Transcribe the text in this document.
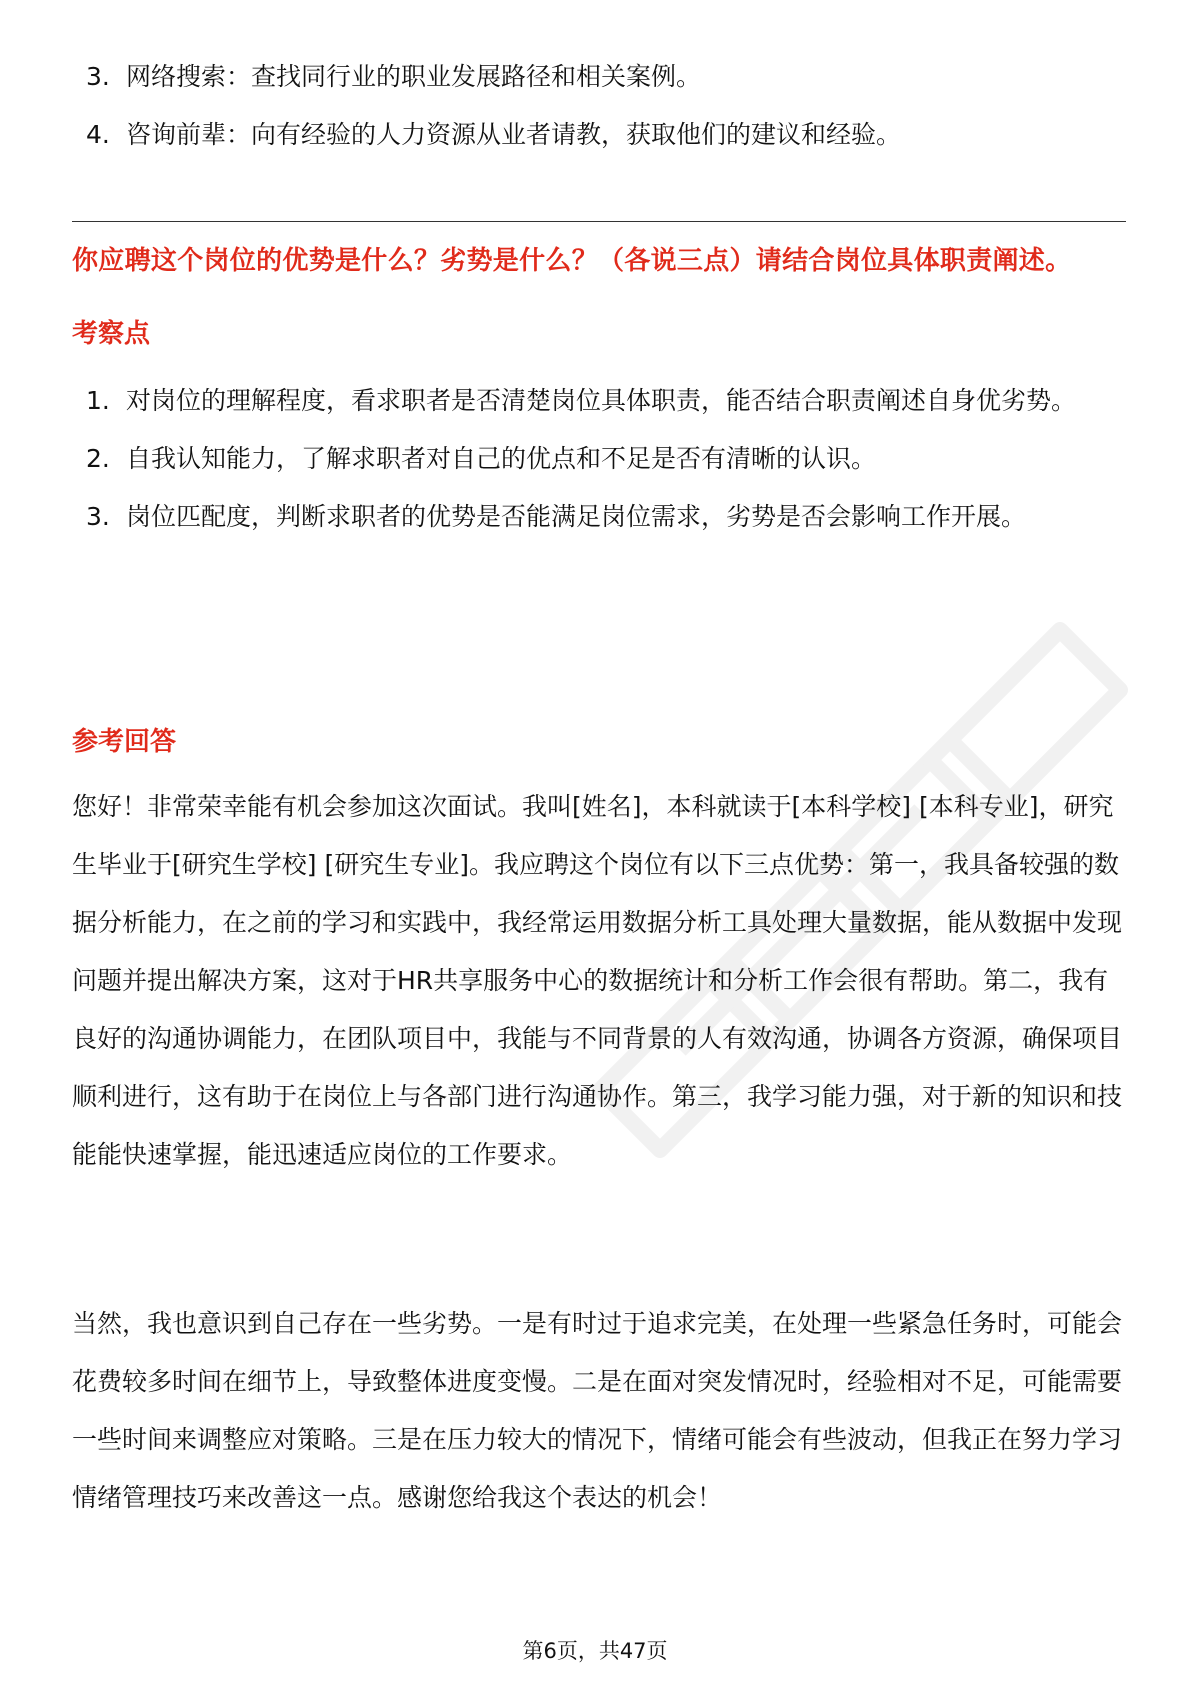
3. 网络搜索：查找同行业的职业发展路径和相关案例。
4. 咨询前辈：向有经验的人力资源从业者请教，获取他们的建议和经验。
你应聘这个岗位的优势是什么？劣势是什么？（各说三点）请结合岗位具体职责阐述。
考察点
1. 对岗位的理解程度，看求职者是否清楚岗位具体职责，能否结合职责阐述自身优劣势。
2. 自我认知能力，了解求职者对自己的优点和不足是否有清晰的认识。
3. 岗位匹配度，判断求职者的优势是否能满足岗位需求，劣势是否会影响工作开展。
参考回答

您好！非常荣幸能有机会参加这次面试。我叫[姓名]，本科就读于[本科学校] [本科专业]，研究生毕业于[研究生学校] [研究生专业]。我应聘这个岗位有以下三点优势：第一，我具备较强的数据分析能力，在之前的学习和实践中，我经常运用数据分析工具处理大量数据，能从数据中发现问题并提出解决方案，这对于HR共享服务中心的数据统计和分析工作会很有帮助。第二，我有良好的沟通协调能力，在团队项目中，我能与不同背景的人有效沟通，协调各方资源，确保项目顺利进行，这有助于在岗位上与各部门进行沟通协作。第三，我学习能力强，对于新的知识和技能能快速掌握，能迅速适应岗位的工作要求。

当然，我也意识到自己存在一些劣势。一是有时过于追求完美，在处理一些紧急任务时，可能会花费较多时间在细节上，导致整体进度变慢。二是在面对突发情况时，经验相对不足，可能需要一些时间来调整应对策略。三是在压力较大的情况下，情绪可能会有些波动，但我正在努力学习情绪管理技巧来改善这一点。感谢您给我这个表达的机会！

第6页，共47页
